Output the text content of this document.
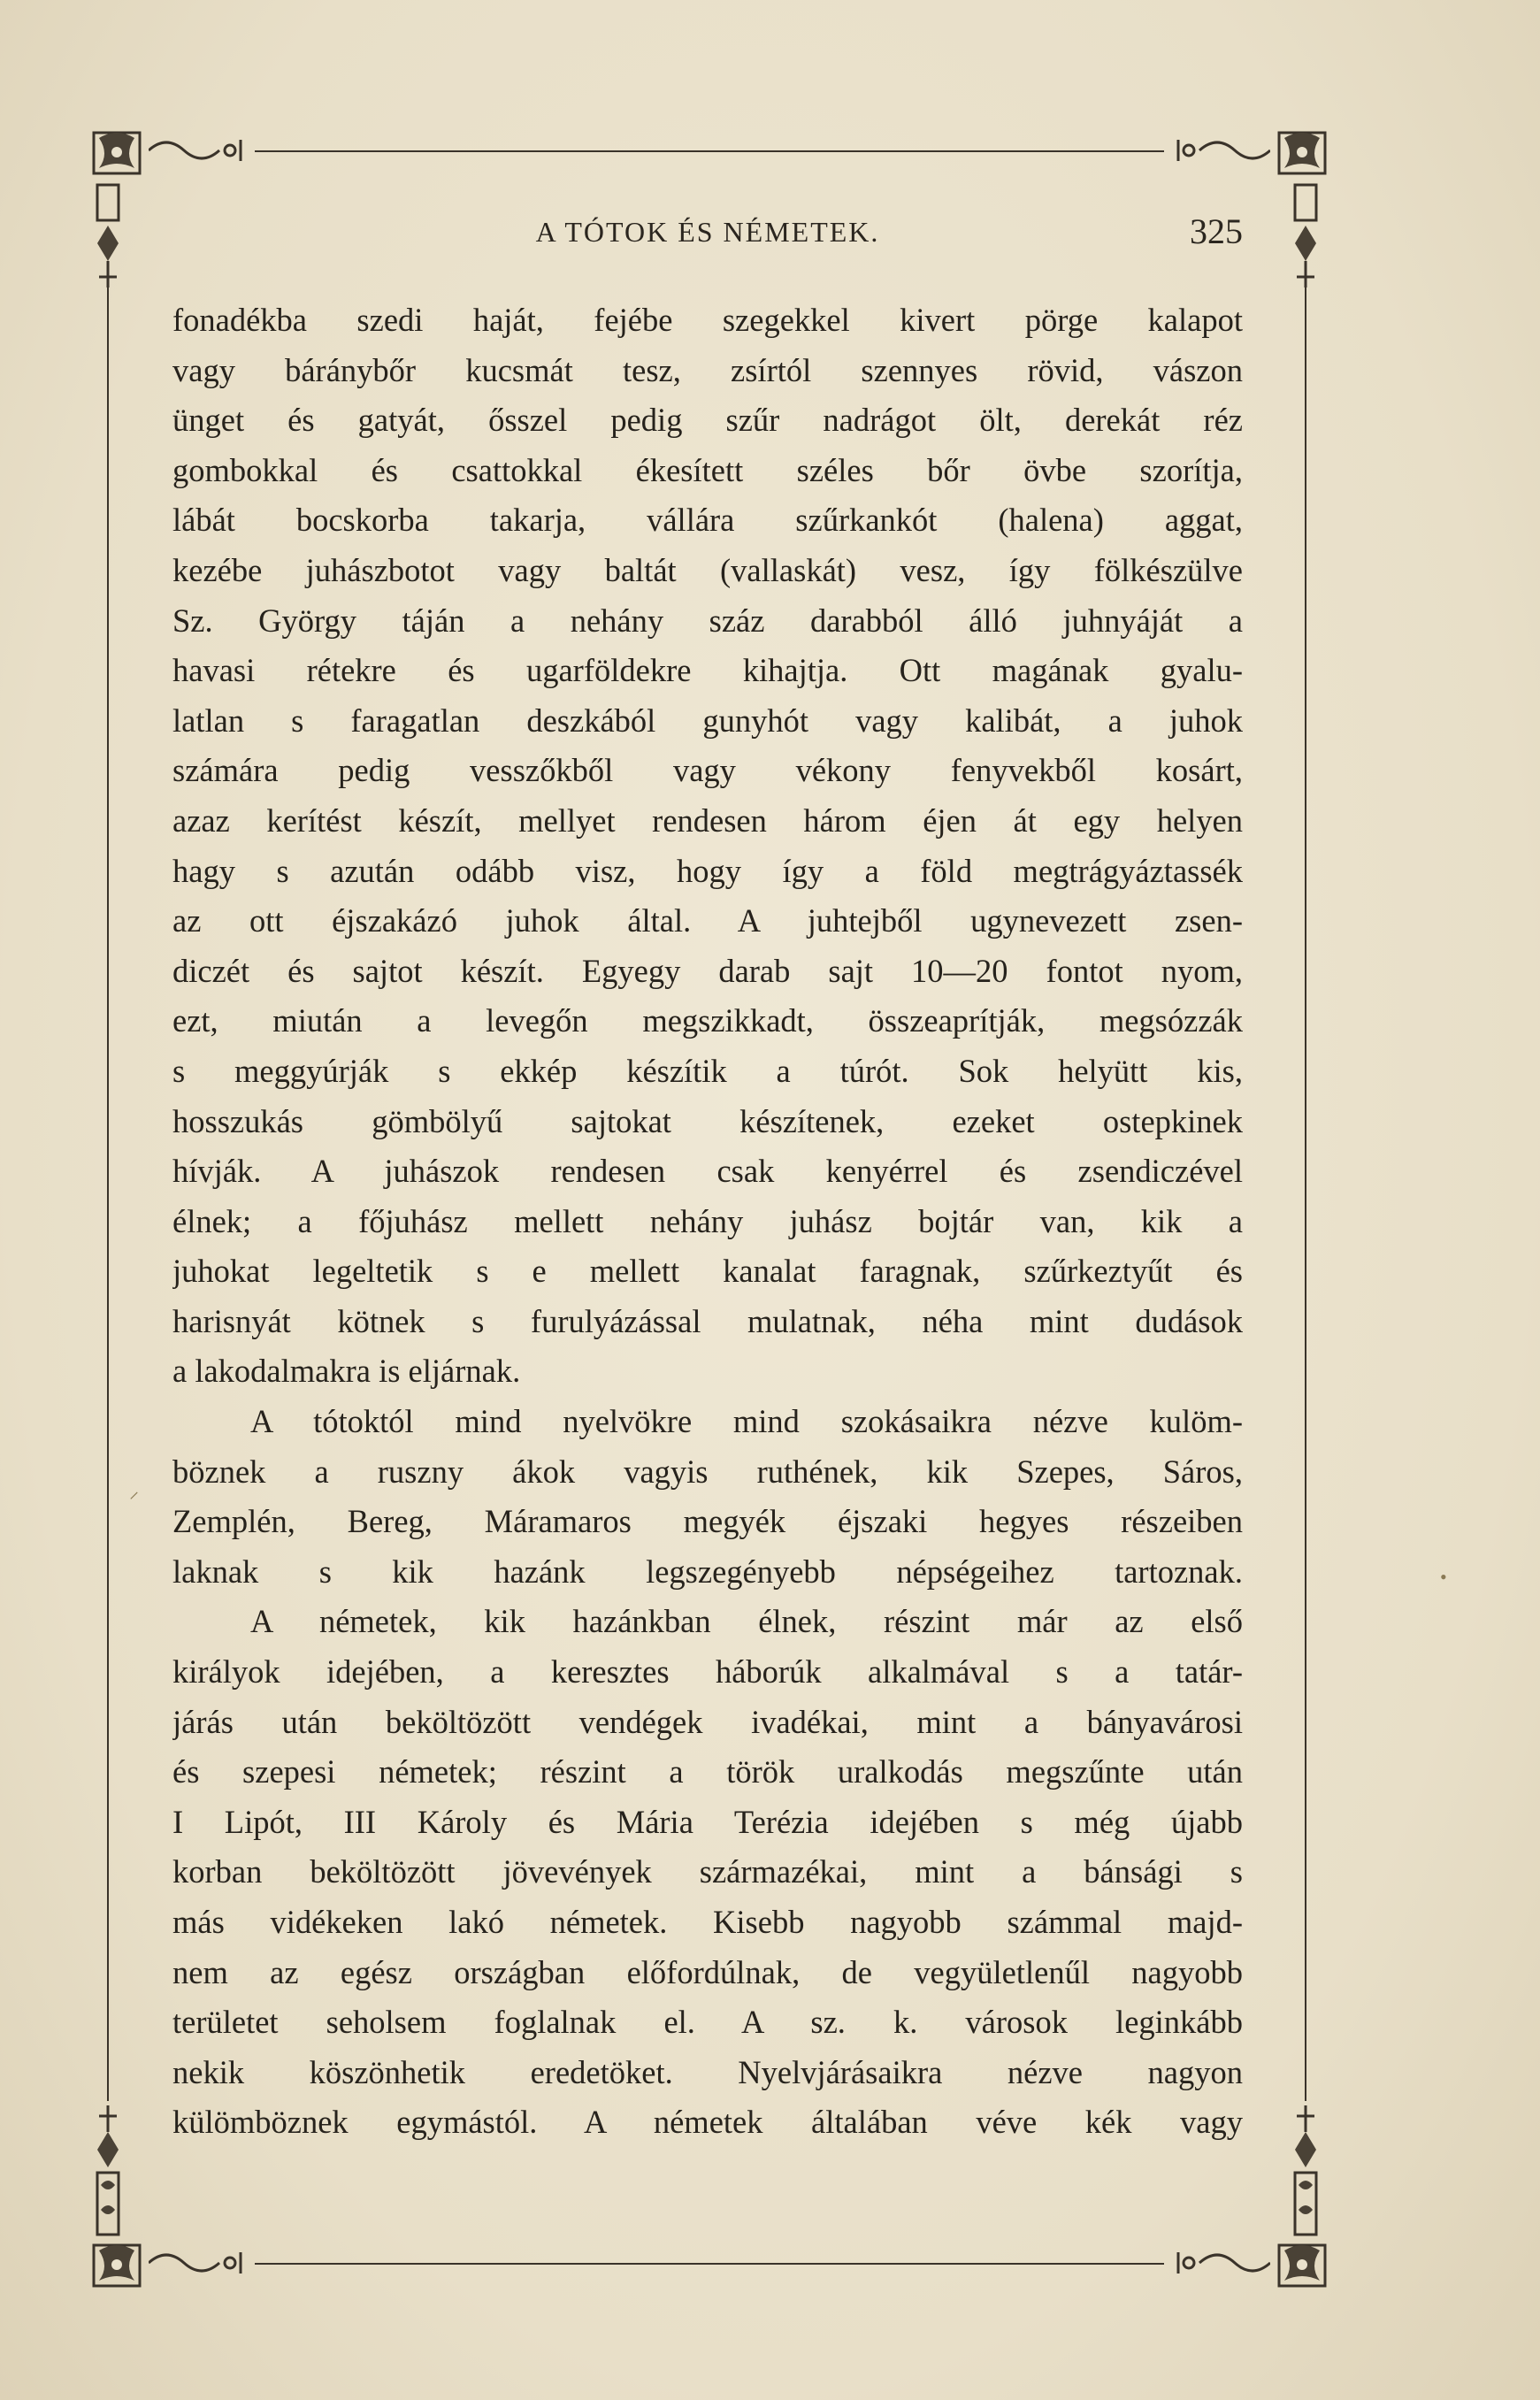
A TÓTOK ÉS NÉMETEK.	325
fonadékba szedi haját, fejébe szegekkel kivert pörge kalapot
vagy báránybőr kucsmát tesz, zsírtól szennyes rövid, vászon
ünget és gatyát, ősszel pedig szűr nadrágot ölt, derekát réz
gombokkal és csattokkal ékesített széles bőr övbe szorítja,
lábát bocskorba takarja, vállára szűrkankót (halena) aggat,
kezébe juhászbotot vagy baltát (vallaskát) vesz, így fölkészülve
Sz. György táján a nehány száz darabból álló juhnyáját a
havasi rétekre és ugarföldekre kihajtja. Ott magának gyalu-
latlan s faragatlan deszkából gunyhót vagy kalibát, a juhok
számára pedig vesszőkből vagy vékony fenyvekből kosárt,
azaz kerítést készít, mellyet rendesen három éjen át egy helyen
hagy s azután odább visz, hogy így a föld megtrágyáztassék
az ott éjszakázó juhok által. A juhtejből ugynevezett zsen-
diczét és sajtot készít. Egyegy darab sajt 10—20 fontot nyom,
ezt, miután a levegőn megszikkadt, összeaprítják, megsózzák
s meggyúrják s ekkép készítik a túrót. Sok helyütt kis,
hosszukás gömbölyű sajtokat készítenek, ezeket ostepkinek
hívják. A juhászok rendesen csak kenyérrel és zsendiczével
élnek; a főjuhász mellett nehány juhász bojtár van, kik a
juhokat legeltetik s e mellett kanalat faragnak, szűrkeztyűt és
harisnyát kötnek s furulyázással mulatnak, néha mint dudások
a lakodalmakra is eljárnak.
A tótoktól mind nyelvökre mind szokásaikra nézve kulöm-
böznek a ruszny ákok vagyis ruthének, kik Szepes, Sáros,
Zemplén, Bereg, Máramaros megyék éjszaki hegyes részeiben
laknak s kik hazánk legszegényebb népségeihez tartoznak.
A németek, kik hazánkban élnek, részint már az első
királyok idejében, a keresztes háborúk alkalmával s a tatár-
járás után beköltözött vendégek ivadékai, mint a bányavárosi
és szepesi németek; részint a török uralkodás megszűnte után
I Lipót, III Károly és Mária Terézia idejében s még újabb
korban beköltözött jövevények származékai, mint a bánsági s
más vidékeken lakó németek. Kisebb nagyobb számmal majd-
nem az egész országban előfordúlnak, de vegyületlenűl nagyobb
területet seholsem foglalnak el. A sz. k. városok leginkább
nekik köszönhetik eredetöket. Nyelvjárásaikra nézve nagyon
külömböznek egymástól. A németek általában véve kék vagy
⸝
•
